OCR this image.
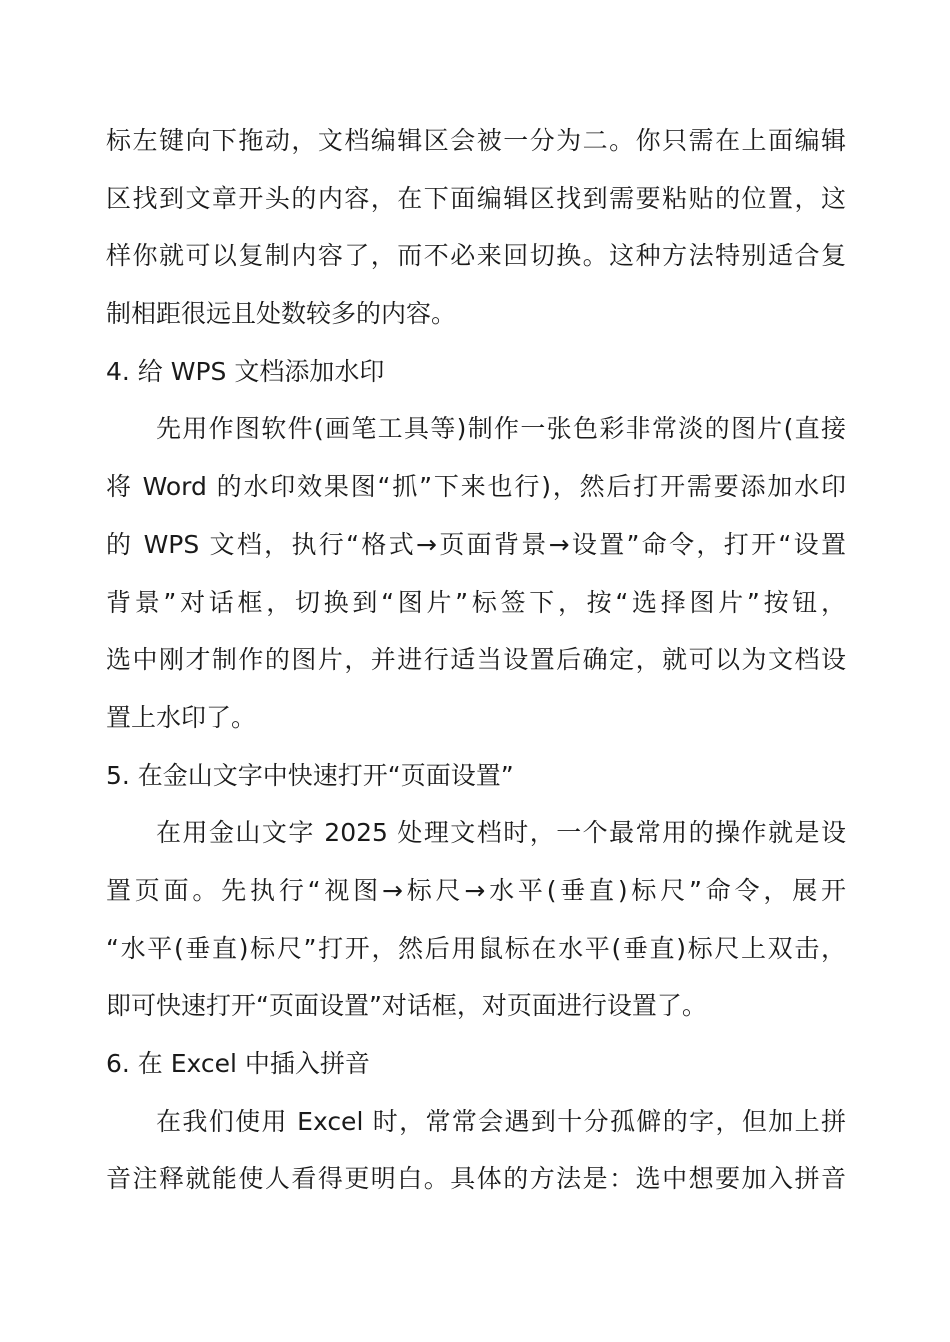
标左键向下拖动，文档编辑区会被一分为二。你只需在上面编辑
区找到文章开头的内容，在下面编辑区找到需要粘贴的位置，这
样你就可以复制内容了，而不必来回切换。这种方法特别适合复
制相距很远且处数较多的内容。
4. 给 WPS 文档添加水印
先用作图软件(画笔工具等)制作一张色彩非常淡的图片(直接
将 Word 的水印效果图“抓”下来也行)，然后打开需要添加水印
的 WPS 文档，执行“格式→页面背景→设置”命令，打开“设置
背景”对话框，切换到“图片”标签下，按“选择图片”按钮，
选中刚才制作的图片，并进行适当设置后确定，就可以为文档设
置上水印了。
5. 在金山文字中快速打开“页面设置”
在用金山文字 2025 处理文档时，一个最常用的操作就是设
置页面。先执行“视图→标尺→水平(垂直)标尺”命令，展开
“水平(垂直)标尺”打开，然后用鼠标在水平(垂直)标尺上双击，
即可快速打开“页面设置”对话框，对页面进行设置了。
6. 在 Excel 中插入拼音
在我们使用 Excel 时，常常会遇到十分孤僻的字，但加上拼
音注释就能使人看得更明白。具体的方法是：选中想要加入拼音
